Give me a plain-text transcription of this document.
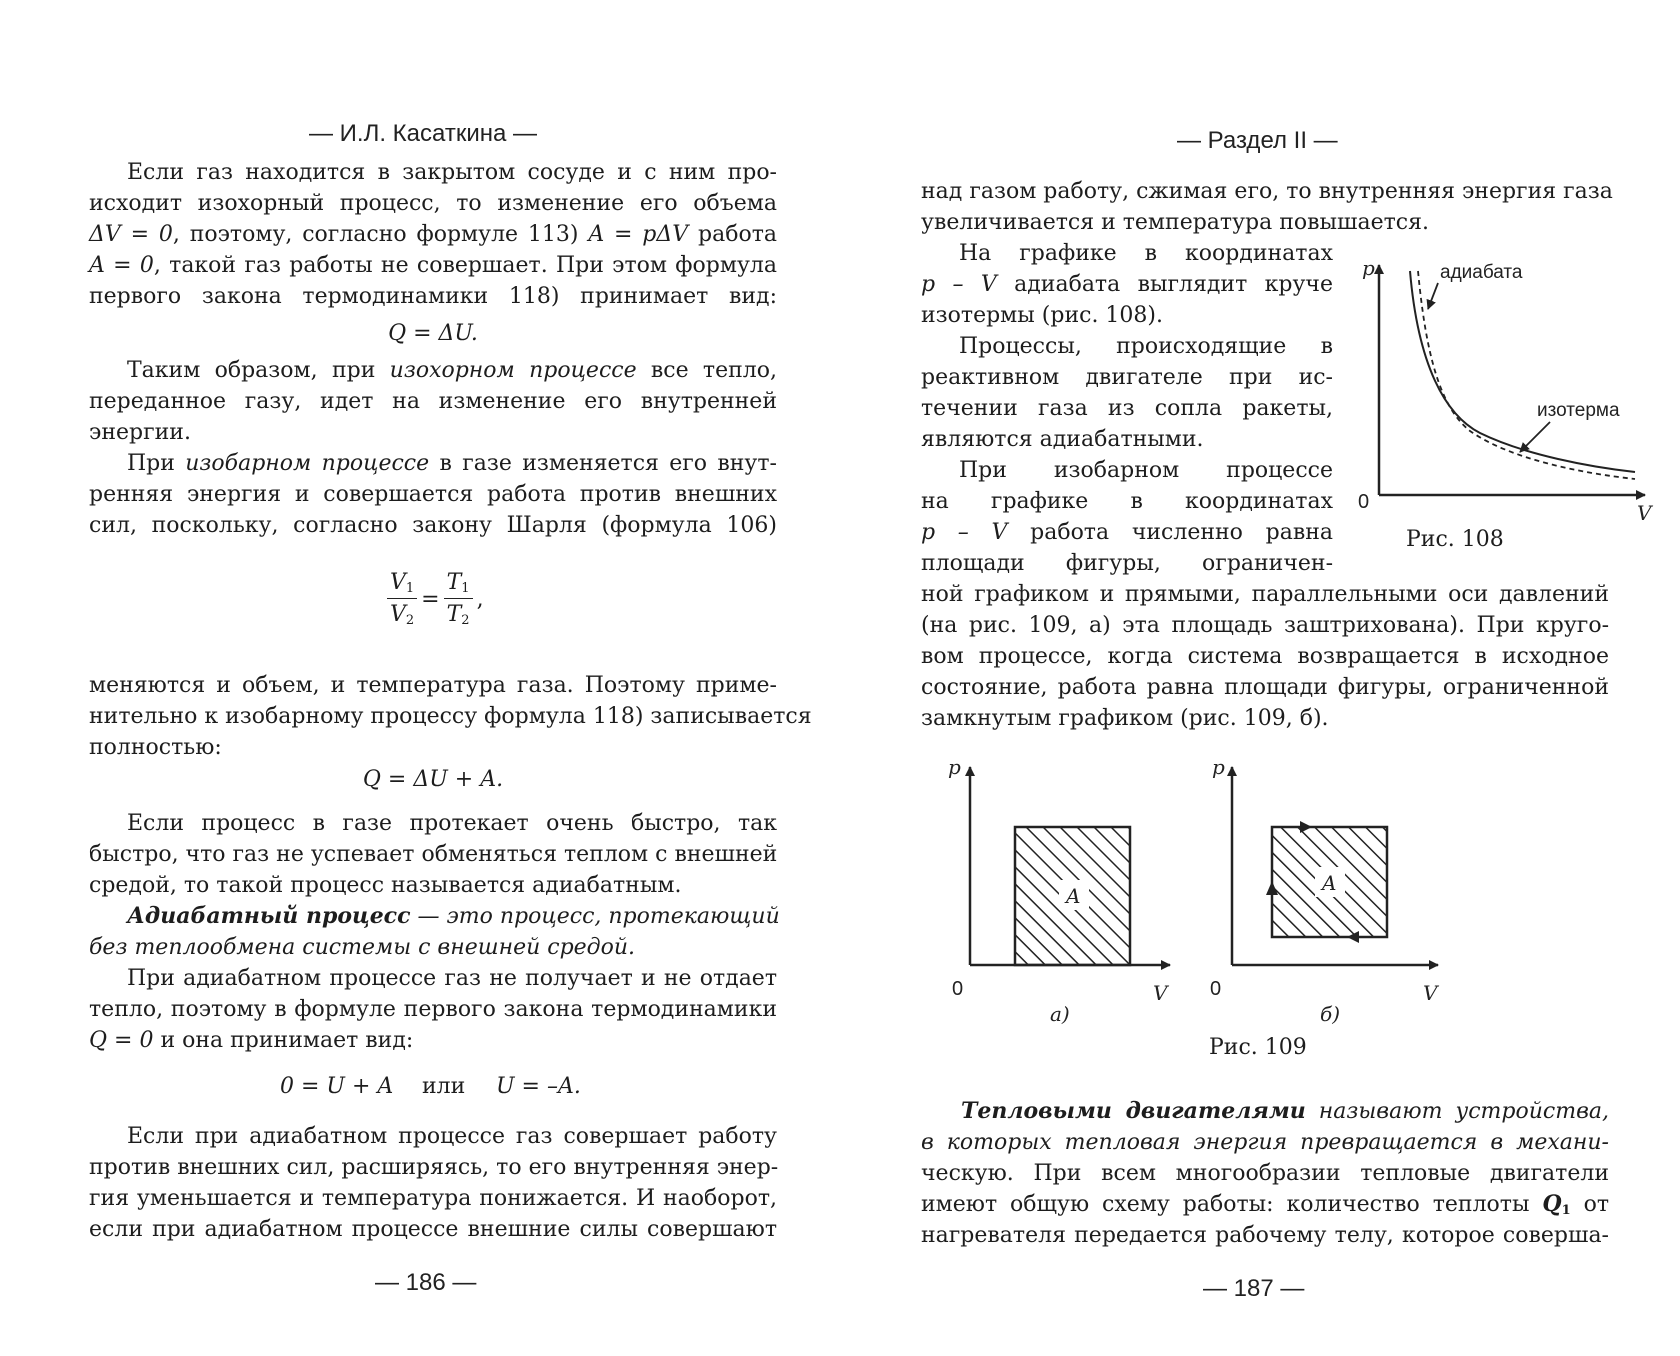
— И.Л. Касаткина —
Если газ находится в закрытом сосуде и с ним про-
исходит изохорный процесс, то изменение его объема
ΔV = 0, поэтому, согласно формуле 113) A = pΔV работа
A = 0, такой газ работы не совершает. При этом формула
первого закона термодинамики 118) принимает вид:
Q = ΔU.
Таким образом, при изохорном процессе все тепло,
переданное газу, идет на изменение его внутренней
энергии.
При изобарном процессе в газе изменяется его внут-
ренняя энергия и совершается работа против внешних
сил, поскольку, согласно закону Шарля (формула 106)
$\frac{V_1}{V_2} = \frac{T_1}{T_2}$ ,
меняются и объем, и температура газа. Поэтому приме-
нительно к изобарному процессу формула 118) записывается
полностью:
Q = ΔU + A.
Если процесс в газе протекает очень быстро, так
быстро, что газ не успевает обменяться теплом с внешней
средой, то такой процесс называется адиабатным.
Адиабатный процесс — это процесс, протекающий
без теплообмена системы с внешней средой.
При адиабатном процессе газ не получает и не отдает
тепло, поэтому в формуле первого закона термодинамики
Q = 0 и она принимает вид:
0 = U + A или U = –A.
Если при адиабатном процессе газ совершает работу
против внешних сил, расширяясь, то его внутренняя энер-
гия уменьшается и температура понижается. И наоборот,
если при адиабатном процессе внешние силы совершают
— 186 —
— Раздел II —
над газом работу, сжимая его, то внутренняя энергия газа
увеличивается и температура повышается.
На графике в координатах
p – V адиабата выглядит круче
изотермы (рис. 108).
Процессы, происходящие в
реактивном двигателе при ис-
течении газа из сопла ракеты,
являются адиабатными.
При изобарном процессе
на графике в координатах
p – V работа численно равна
площади фигуры, ограничен-
ной графиком и прямыми, параллельными оси давлений
(на рис. 109, а) эта площадь заштрихована). При круго-
вом процессе, когда система возвращается в исходное
состояние, работа равна площади фигуры, ограниченной
замкнутым графиком (рис. 109, б).
p
V
0
адиабата
изотерма
Рис. 108
A
p
V
0
а)
A
p
V
0
б)
Рис. 109
Тепловыми двигателями называют устройства,
в которых тепловая энергия превращается в механи-
ческую. При всем многообразии тепловые двигатели
имеют общую схему работы: количество теплоты $Q_1$ от
нагревателя передается рабочему телу, которое соверша-
— 187 —
